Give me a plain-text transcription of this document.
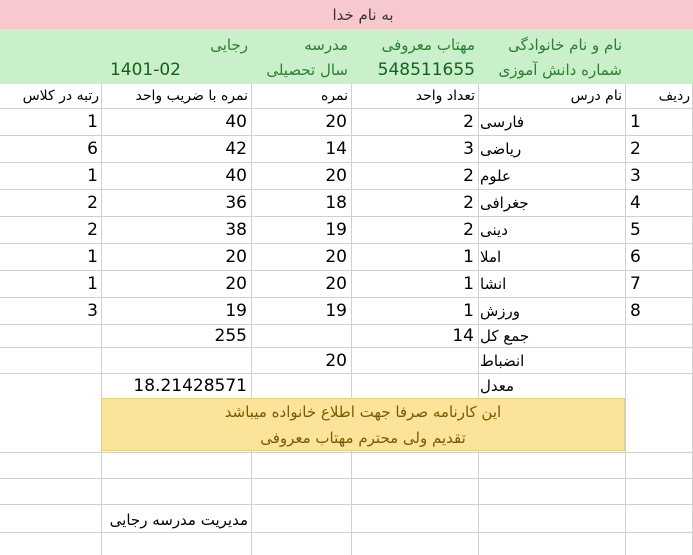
به نام خدا
نام و نام خانوادگی
مهتاب معروفی
مدرسه
رجایی
شماره دانش آموزی
548511655
سال تحصیلی
1401-02
ردیف
نام درس
تعداد واحد
نمره
نمره با ضریب واحد
رتبه در کلاس
1
فارسی
2
20
40
1
2
ریاضی
3
14
42
6
3
علوم
2
20
40
1
4
جغرافی
2
18
36
2
5
دینی
2
19
38
2
6
املا
1
20
20
1
7
انشا
1
20
20
1
8
ورزش
1
19
19
3
جمع کل
14
255
انضباط
20
معدل
18.21428571
این کارنامه صرفا جهت اطلاع خانواده میباشد
تقدیم ولی محترم مهتاب معروفی
مدیریت مدرسه رجایی
